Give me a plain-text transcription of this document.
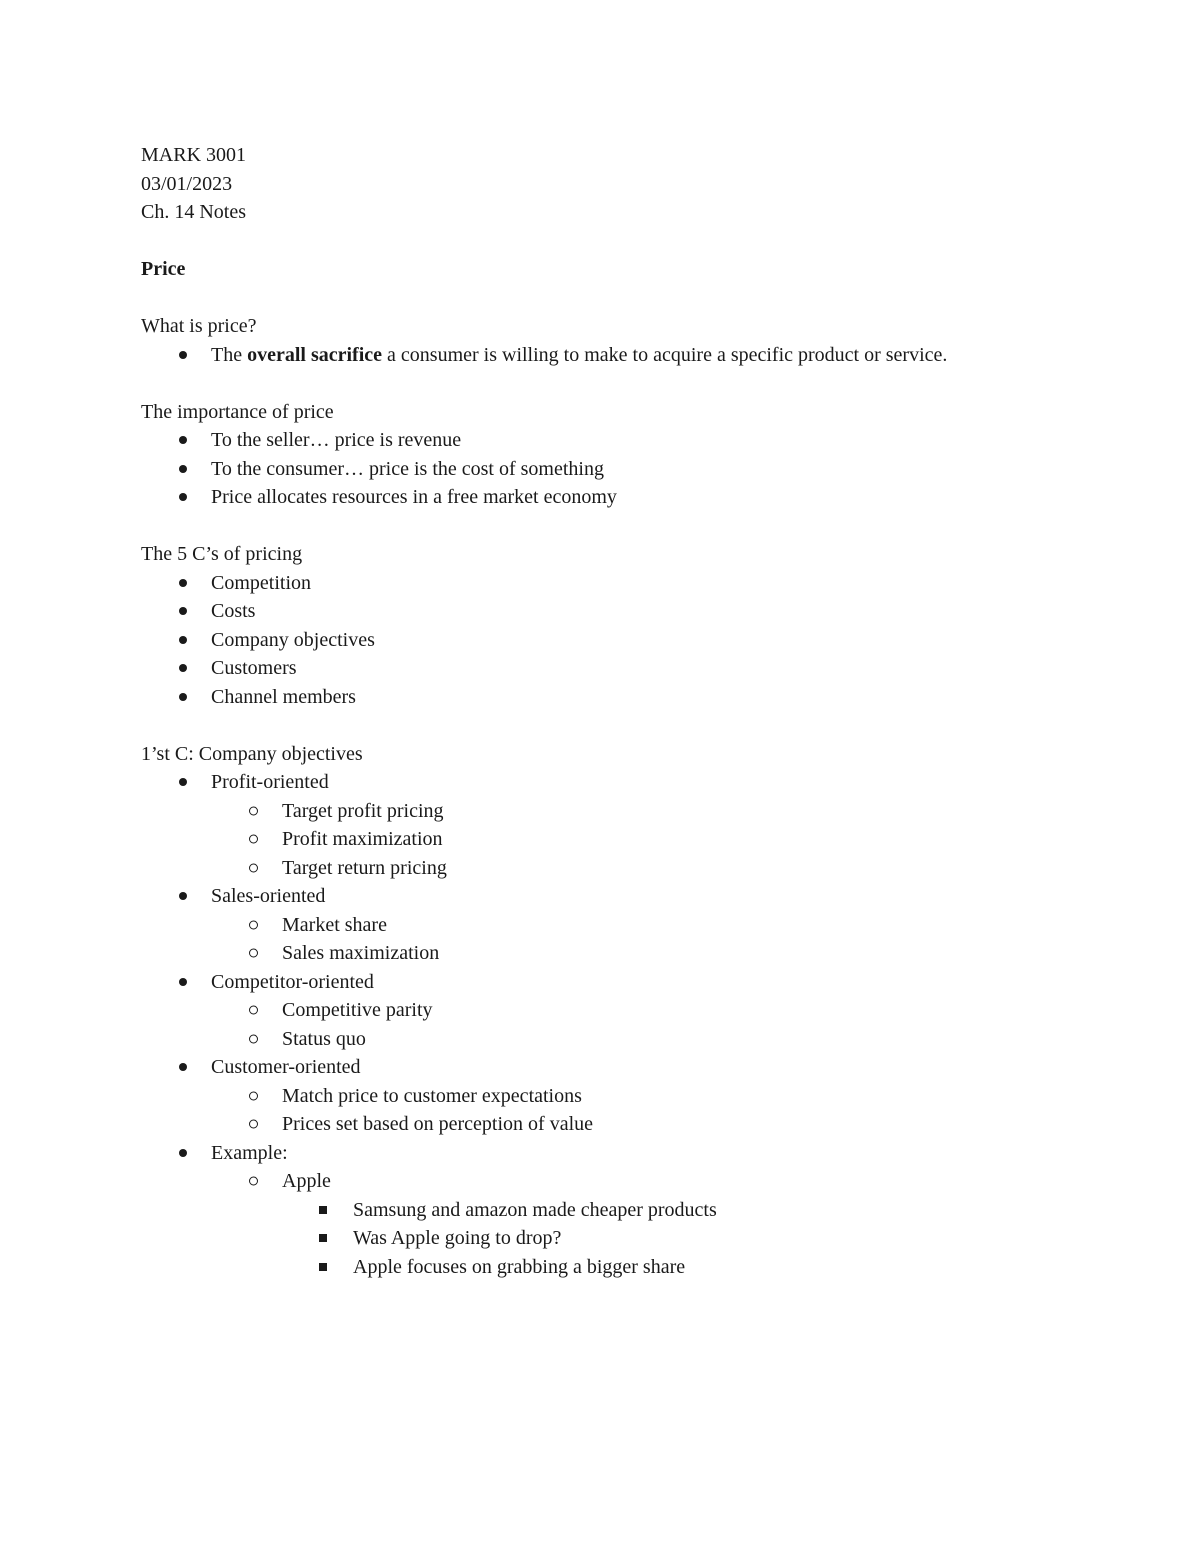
MARK 3001
03/01/2023
Ch. 14 Notes
Price
What is price?
The overall sacrifice a consumer is willing to make to acquire a specific product or service.
The importance of price
To the seller… price is revenue
To the consumer… price is the cost of something
Price allocates resources in a free market economy
The 5 C’s of pricing
Competition
Costs
Company objectives
Customers
Channel members
1’st C: Company objectives
Profit-oriented
Target profit pricing
Profit maximization
Target return pricing
Sales-oriented
Market share
Sales maximization
Competitor-oriented
Competitive parity
Status quo
Customer-oriented
Match price to customer expectations
Prices set based on perception of value
Example:
Apple
Samsung and amazon made cheaper products
Was Apple going to drop?
Apple focuses on grabbing a bigger share
